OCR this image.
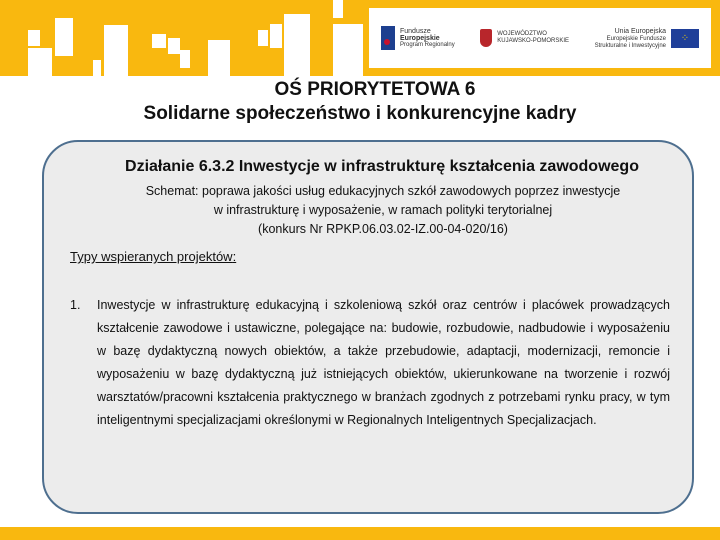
Fundusze
Europejskie
Program Regionalny
WOJEWÓDZTWO
KUJAWSKO-POMORSKIE
Unia Europejska
Europejskie Fundusze
Strukturalne i Inwestycyjne
⁘
OŚ PRIORYTETOWA 6
Solidarne społeczeństwo i konkurencyjne kadry
Działanie 6.3.2 Inwestycje w infrastrukturę kształcenia zawodowego
Schemat: poprawa jakości usług edukacyjnych szkół zawodowych poprzez inwestycje
w infrastrukturę i wyposażenie, w ramach polityki terytorialnej
(konkurs Nr RPKP.06.03.02-IZ.00-04-020/16)
Typy wspieranych projektów:
1.	Inwestycje w infrastrukturę edukacyjną i szkoleniową szkół oraz centrów i placówek prowadzących kształcenie zawodowe i ustawiczne, polegające na: budowie, rozbudowie, nadbudowie i wyposażeniu w bazę dydaktyczną nowych obiektów, a także przebudowie, adaptacji, modernizacji, remoncie i wyposażeniu w bazę dydaktyczną już istniejących obiektów, ukierunkowane na tworzenie i rozwój warsztatów/pracowni kształcenia praktycznego w branżach zgodnych z potrzebami rynku pracy, w tym inteligentnymi specjalizacjami określonymi w Regionalnych Inteligentnych Specjalizacjach.
